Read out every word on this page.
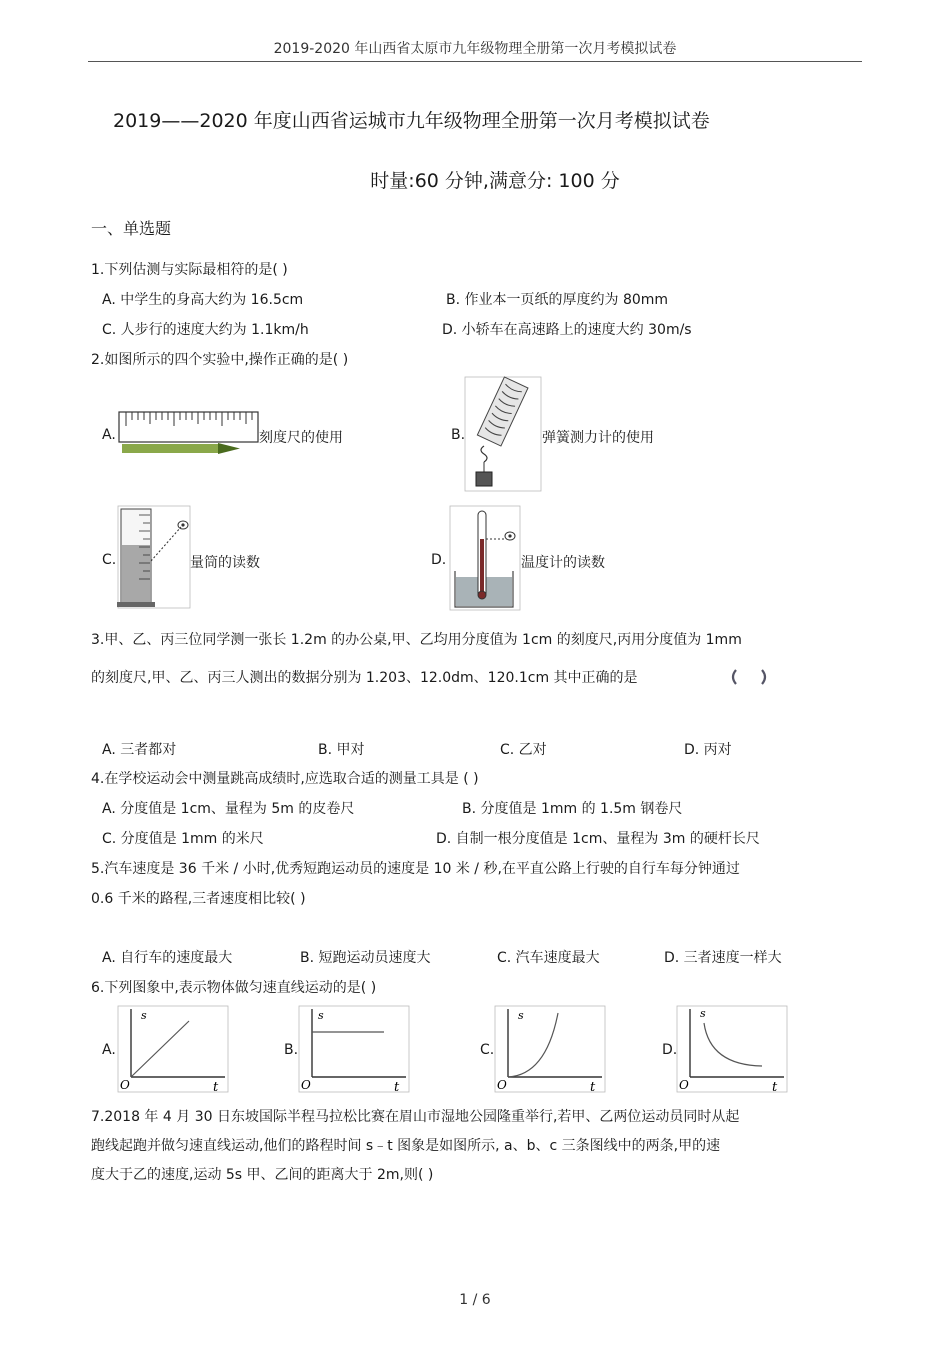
2019-2020 年山西省太原市九年级物理全册第一次月考模拟试卷
2019——2020 年度山西省运城市九年级物理全册第一次月考模拟试卷
时量:60 分钟,满意分: 100 分
一、单选题
1.下列估测与实际最相符的是( )
A. 中学生的身高大约为 16.5cm	B. 作业本一页纸的厚度约为 80mm
C. 人步行的速度大约为 1.1km/h	D. 小轿车在高速路上的速度大约 30m/s
2.如图所示的四个实验中,操作正确的是( )
A.	刻度尺的使用	B.	弹簧测力计的使用
C.	量筒的读数	D.	温度计的读数
3.甲、乙、丙三位同学测一张长 1.2m 的办公桌,甲、乙均用分度值为 1cm 的刻度尺,丙用分度值为 1mm
的刻度尺,甲、乙、丙三人测出的数据分别为 1.203、12.0dm、120.1cm 其中正确的是
A. 三者都对	B. 甲对	C. 乙对	D. 丙对
4.在学校运动会中测量跳高成绩时,应选取合适的测量工具是 ( )
A. 分度值是 1cm、量程为 5m 的皮卷尺	B. 分度值是 1mm 的 1.5m 钢卷尺
C. 分度值是 1mm 的米尺	D. 自制一根分度值是 1cm、量程为 3m 的硬杆长尺
5.汽车速度是 36 千米 / 小时,优秀短跑运动员的速度是 10 米 / 秒,在平直公路上行驶的自行车每分钟通过
0.6 千米的路程,三者速度相比较( )
A. 自行车的速度最大	B. 短跑运动员速度大	C. 汽车速度最大	D. 三者速度一样大
6.下列图象中,表示物体做匀速直线运动的是( )
A.
s
O	t
B.
s
O	t
C.
s
O	t
D.
s
O	t
7.2018 年 4 月 30 日东坡国际半程马拉松比赛在眉山市湿地公园隆重举行,若甲、乙两位运动员同时从起
跑线起跑并做匀速直线运动,他们的路程时间 s﹣t 图象是如图所示, a、b、c 三条图线中的两条,甲的速
度大于乙的速度,运动 5s 甲、乙间的距离大于 2m,则( )
1 / 6
